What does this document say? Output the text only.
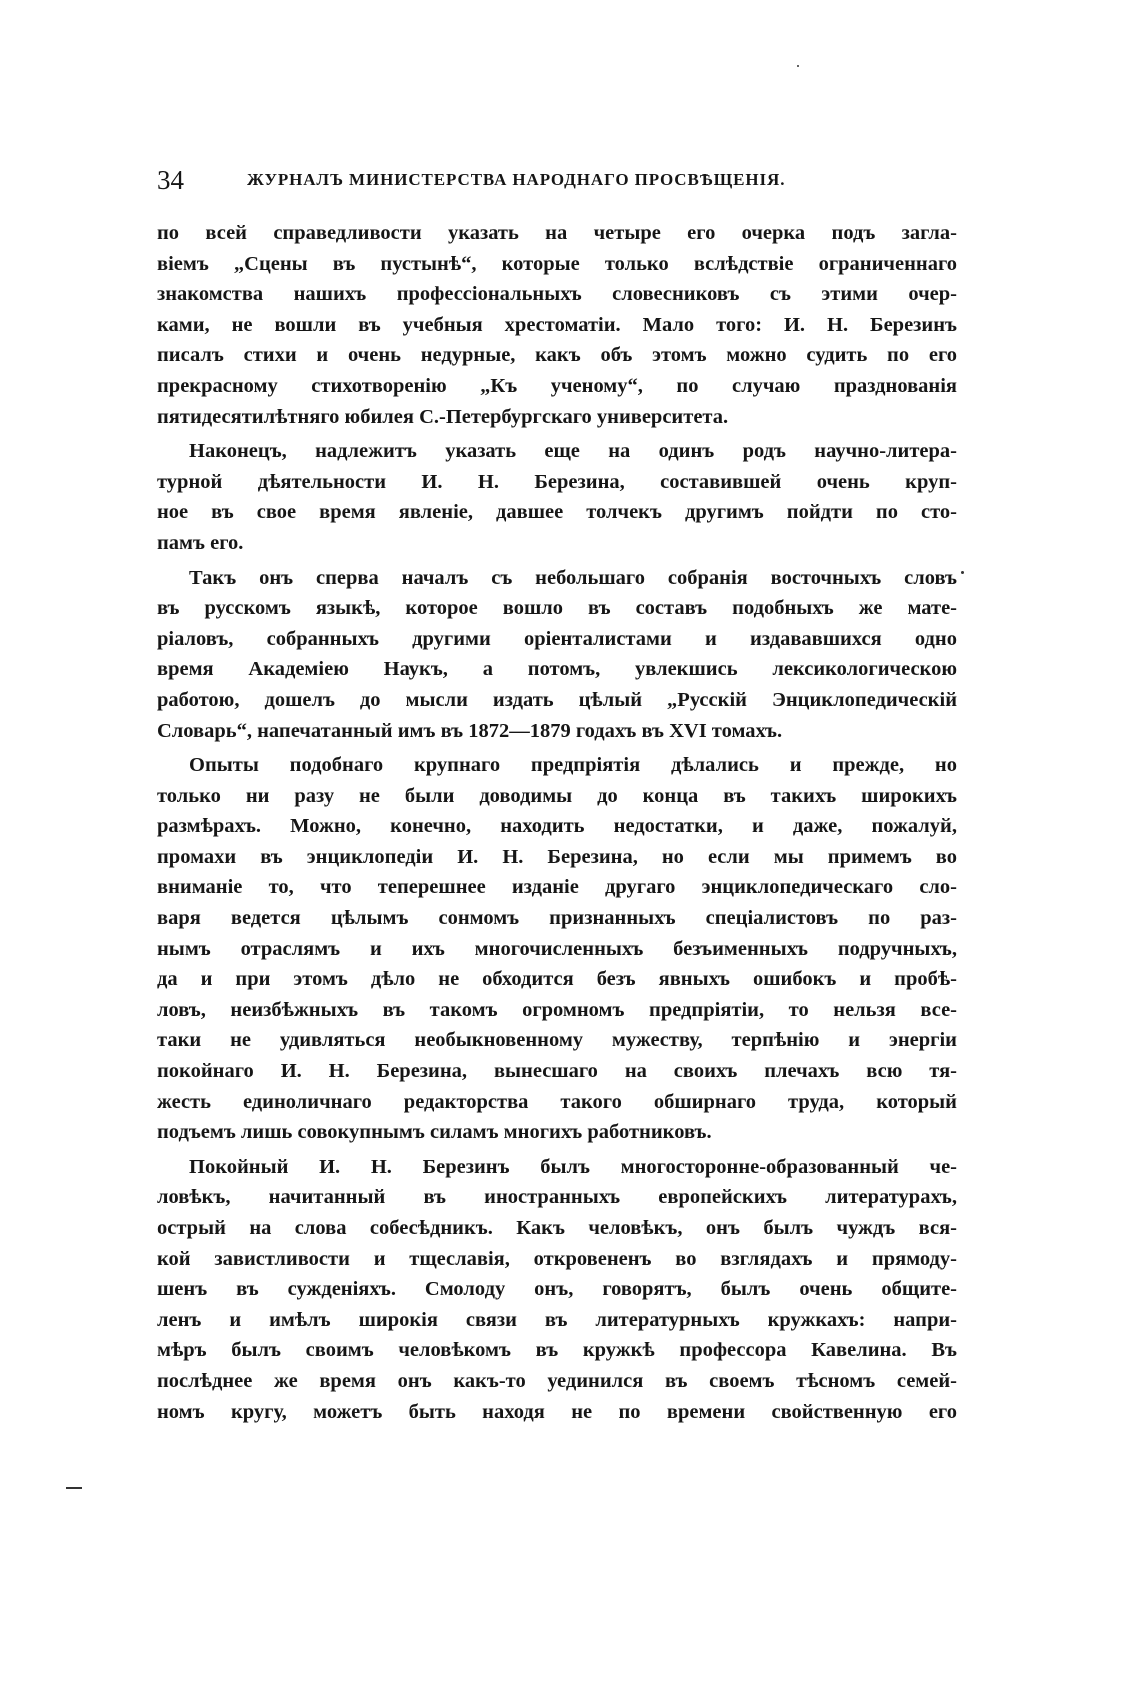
34	ЖУРНАЛЪ МИНИСТЕРСТВА НАРОДНАГО ПРОСВѢЩЕНІЯ.
по всей справедливости указать на четыре его очерка подъ загла-
віемъ „Сцены въ пустынѣ“, которые только вслѣдствіе ограниченнаго
знакомства нашихъ профессіональныхъ словесниковъ съ этими очер-
ками, не вошли въ учебныя хрестоматіи. Мало того: И. Н. Березинъ
писалъ стихи и очень недурные, какъ объ этомъ можно судить по его
прекрасному стихотворенію „Къ ученому“, по случаю празднованія
пятидесятилѣтняго юбилея С.-Петербургскаго университета.
Наконецъ, надлежитъ указать еще на одинъ родъ научно-литера-
турной дѣятельности И. Н. Березина, составившей очень круп-
ное въ свое время явленіе, давшее толчекъ другимъ пойдти по сто-
памъ его.
Такъ онъ сперва началъ съ небольшаго собранія восточныхъ словъ
въ русскомъ языкѣ, которое вошло въ составъ подобныхъ же мате-
ріаловъ, собранныхъ другими оріенталистами и издававшихся одно
время Академіею Наукъ, а потомъ, увлекшись лексикологическою
работою, дошелъ до мысли издать цѣлый „Русскій Энциклопедическій
Словарь“, напечатанный имъ въ 1872—1879 годахъ въ XVI томахъ.
Опыты подобнаго крупнаго предпріятія дѣлались и прежде, но
только ни разу не были доводимы до конца въ такихъ широкихъ
размѣрахъ. Можно, конечно, находить недостатки, и даже, пожалуй,
промахи въ энциклопедіи И. Н. Березина, но если мы примемъ во
вниманіе то, что теперешнее изданіе другаго энциклопедическаго сло-
варя ведется цѣлымъ сонмомъ признанныхъ спеціалистовъ по раз-
нымъ отраслямъ и ихъ многочисленныхъ безъименныхъ подручныхъ,
да и при этомъ дѣло не обходится безъ явныхъ ошибокъ и пробѣ-
ловъ, неизбѣжныхъ въ такомъ огромномъ предпріятіи, то нельзя все-
таки не удивляться необыкновенному мужеству, терпѣнію и энергіи
покойнаго И. Н. Березина, вынесшаго на своихъ плечахъ всю тя-
жесть единоличнаго редакторства такого обширнаго труда, который
подъемъ лишь совокупнымъ силамъ многихъ работниковъ.
Покойный И. Н. Березинъ былъ многосторонне-образованный че-
ловѣкъ, начитанный въ иностранныхъ европейскихъ литературахъ,
острый на слова собесѣдникъ. Какъ человѣкъ, онъ былъ чуждъ вся-
кой завистливости и тщеславія, откровененъ во взглядахъ и прямоду-
шенъ въ сужденіяхъ. Смолоду онъ, говорятъ, былъ очень общите-
ленъ и имѣлъ широкія связи въ литературныхъ кружкахъ: напри-
мѣръ былъ своимъ человѣкомъ въ кружкѣ профессора Кавелина. Въ
послѣднее же время онъ какъ-то уединился въ своемъ тѣсномъ семей-
номъ кругу, можетъ быть находя не по времени свойственную его
